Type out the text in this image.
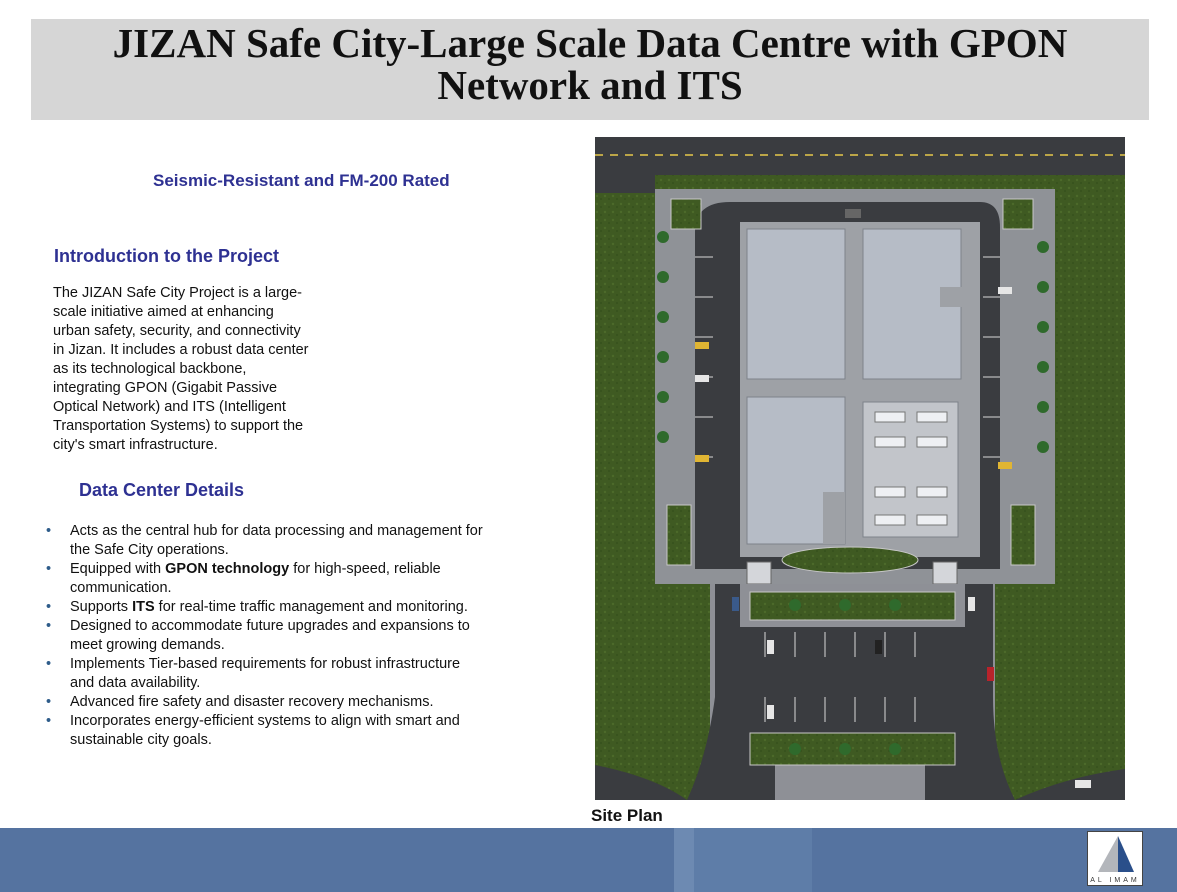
JIZAN Safe City-Large Scale Data Centre with GPON
Network and ITS
Seismic-Resistant and FM-200 Rated
Introduction to the Project
The JIZAN Safe City Project is a large-
scale initiative aimed at enhancing
urban safety, security, and connectivity
in Jizan. It includes a robust data center
as its technological backbone,
integrating GPON (Gigabit Passive
Optical Network) and ITS (Intelligent
Transportation Systems) to support the
city's smart infrastructure.
Data Center Details
• Acts as the central hub for data processing and management for
the Safe City operations.
• Equipped with GPON technology for high-speed, reliable
communication.
• Supports ITS for real-time traffic management and monitoring.
• Designed to accommodate future upgrades and expansions to
meet growing demands.
• Implements Tier-based requirements for robust infrastructure
and data availability.
• Advanced fire safety and disaster recovery mechanisms.
• Incorporates energy-efficient systems to align with smart and
sustainable city goals.
Site Plan
AL IMAM
